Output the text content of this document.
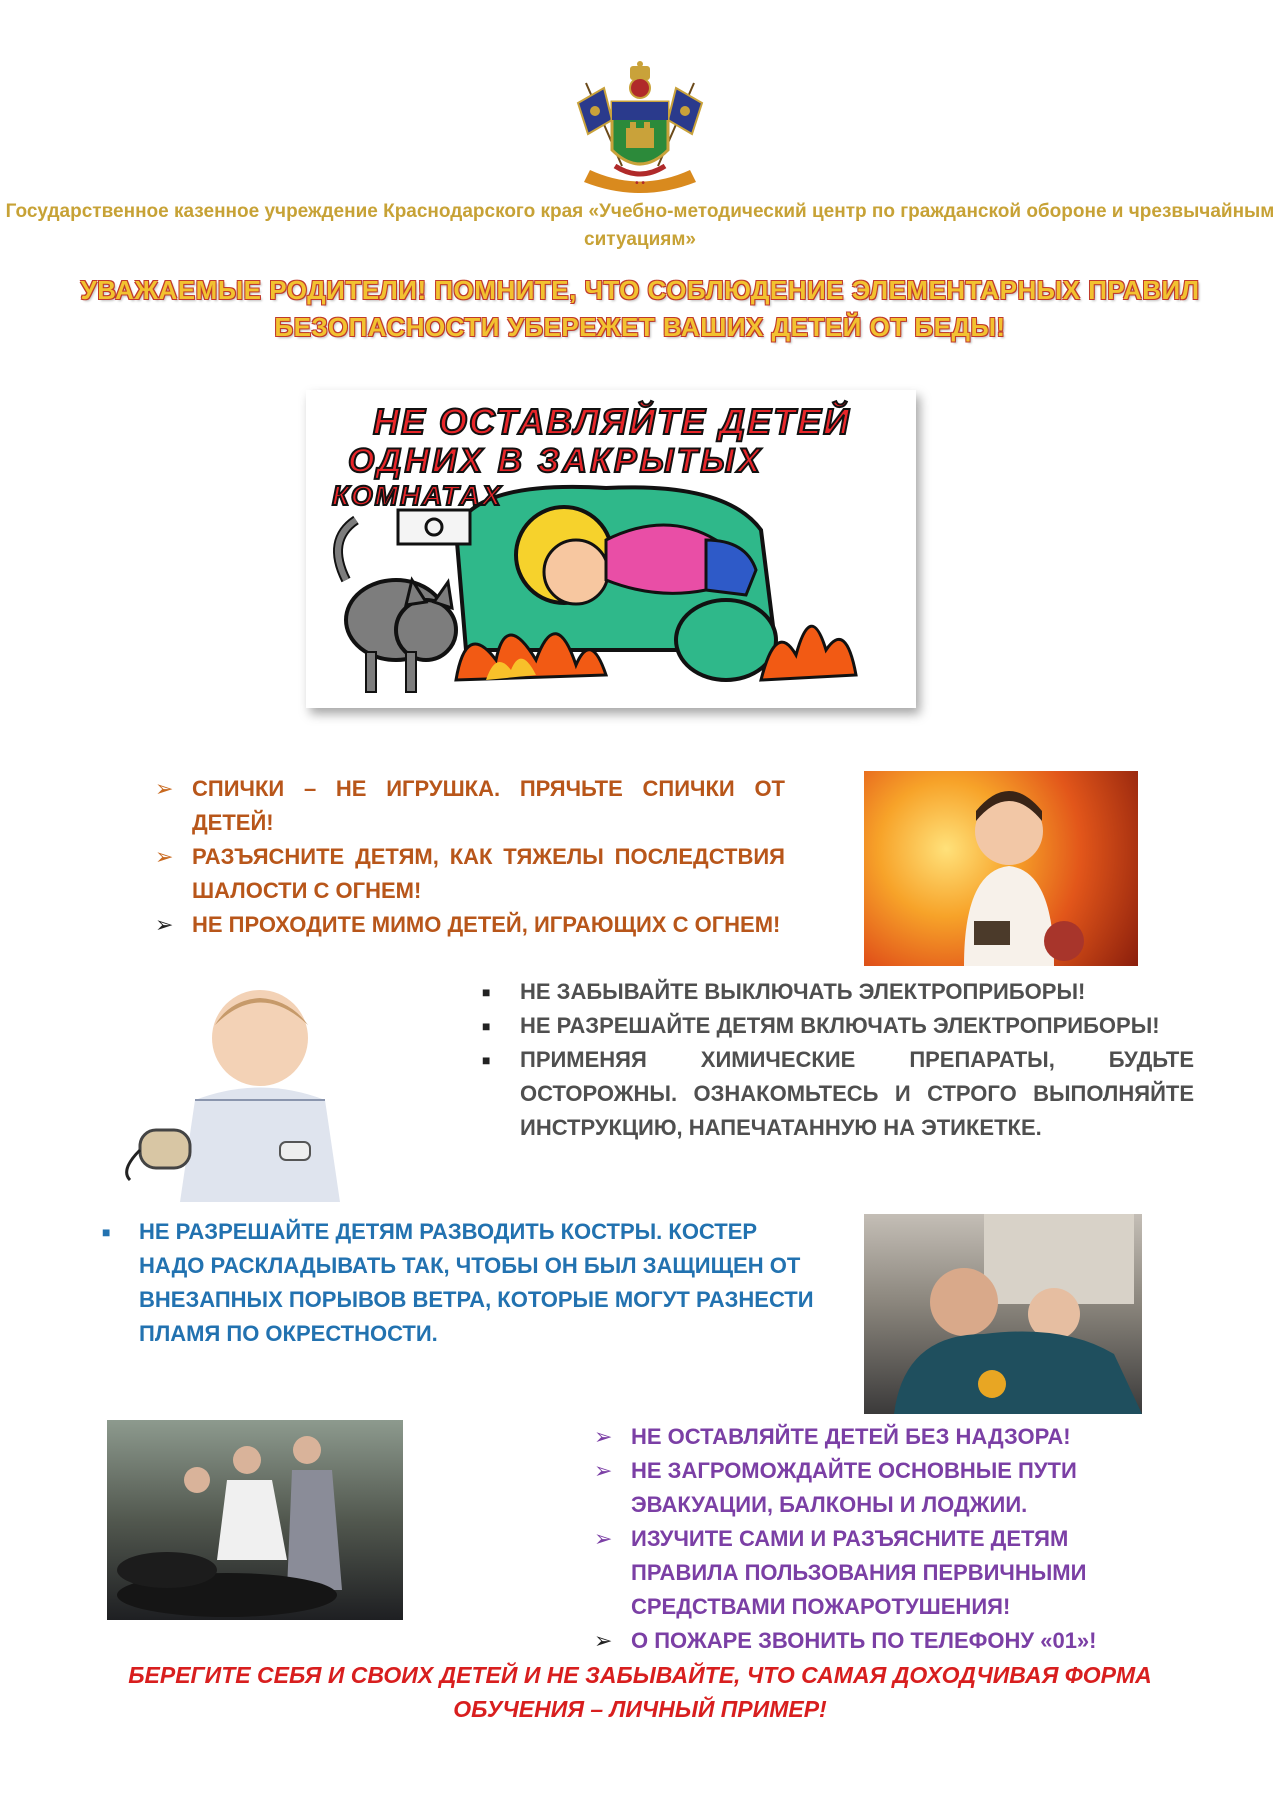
• •
Государственное казенное учреждение Краснодарского края «Учебно-методический центр по гражданской обороне и чрезвычайным ситуациям»
УВАЖАЕМЫЕ РОДИТЕЛИ! ПОМНИТЕ, ЧТО СОБЛЮДЕНИЕ ЭЛЕМЕНТАРНЫХ ПРАВИЛ
БЕЗОПАСНОСТИ УБЕРЕЖЕТ ВАШИХ ДЕТЕЙ ОТ БЕДЫ!
НЕ ОСТАВЛЯЙТЕ ДЕТЕЙ
ОДНИХ В ЗАКРЫТЫХ
КОМНАТАХ
➢ СПИЧКИ – НЕ ИГРУШКА. ПРЯЧЬТЕ СПИЧКИ ОТ ДЕТЕЙ!
➢ РАЗЪЯСНИТЕ ДЕТЯМ, КАК ТЯЖЕЛЫ ПОСЛЕДСТВИЯ ШАЛОСТИ С ОГНЕМ!
➢ НЕ ПРОХОДИТЕ МИМО ДЕТЕЙ, ИГРАЮЩИХ С ОГНЕМ!
■ НЕ ЗАБЫВАЙТЕ ВЫКЛЮЧАТЬ ЭЛЕКТРОПРИБОРЫ!
■ НЕ РАЗРЕШАЙТЕ ДЕТЯМ ВКЛЮЧАТЬ ЭЛЕКТРОПРИБОРЫ!
■ ПРИМЕНЯЯ ХИМИЧЕСКИЕ ПРЕПАРАТЫ, БУДЬТЕ ОСТОРОЖНЫ. ОЗНАКОМЬТЕСЬ И СТРОГО ВЫПОЛНЯЙТЕ ИНСТРУКЦИЮ, НАПЕЧАТАННУЮ НА ЭТИКЕТКЕ.
■ НЕ РАЗРЕШАЙТЕ ДЕТЯМ РАЗВОДИТЬ КОСТРЫ. КОСТЕР НАДО РАСКЛАДЫВАТЬ ТАК, ЧТОБЫ ОН БЫЛ ЗАЩИЩЕН ОТ ВНЕЗАПНЫХ ПОРЫВОВ ВЕТРА, КОТОРЫЕ МОГУТ РАЗНЕСТИ ПЛАМЯ ПО ОКРЕСТНОСТИ.
➢ НЕ ОСТАВЛЯЙТЕ ДЕТЕЙ БЕЗ НАДЗОРА!
➢ НЕ ЗАГРОМОЖДАЙТЕ ОСНОВНЫЕ ПУТИ ЭВАКУАЦИИ, БАЛКОНЫ И ЛОДЖИИ.
➢ ИЗУЧИТЕ САМИ И РАЗЪЯСНИТЕ ДЕТЯМ ПРАВИЛА ПОЛЬЗОВАНИЯ ПЕРВИЧНЫМИ СРЕДСТВАМИ ПОЖАРОТУШЕНИЯ!
➢ О ПОЖАРЕ ЗВОНИТЬ ПО ТЕЛЕФОНУ «01»!
БЕРЕГИТЕ СЕБЯ И СВОИХ ДЕТЕЙ И НЕ ЗАБЫВАЙТЕ, ЧТО САМАЯ ДОХОДЧИВАЯ ФОРМА ОБУЧЕНИЯ – ЛИЧНЫЙ ПРИМЕР!
